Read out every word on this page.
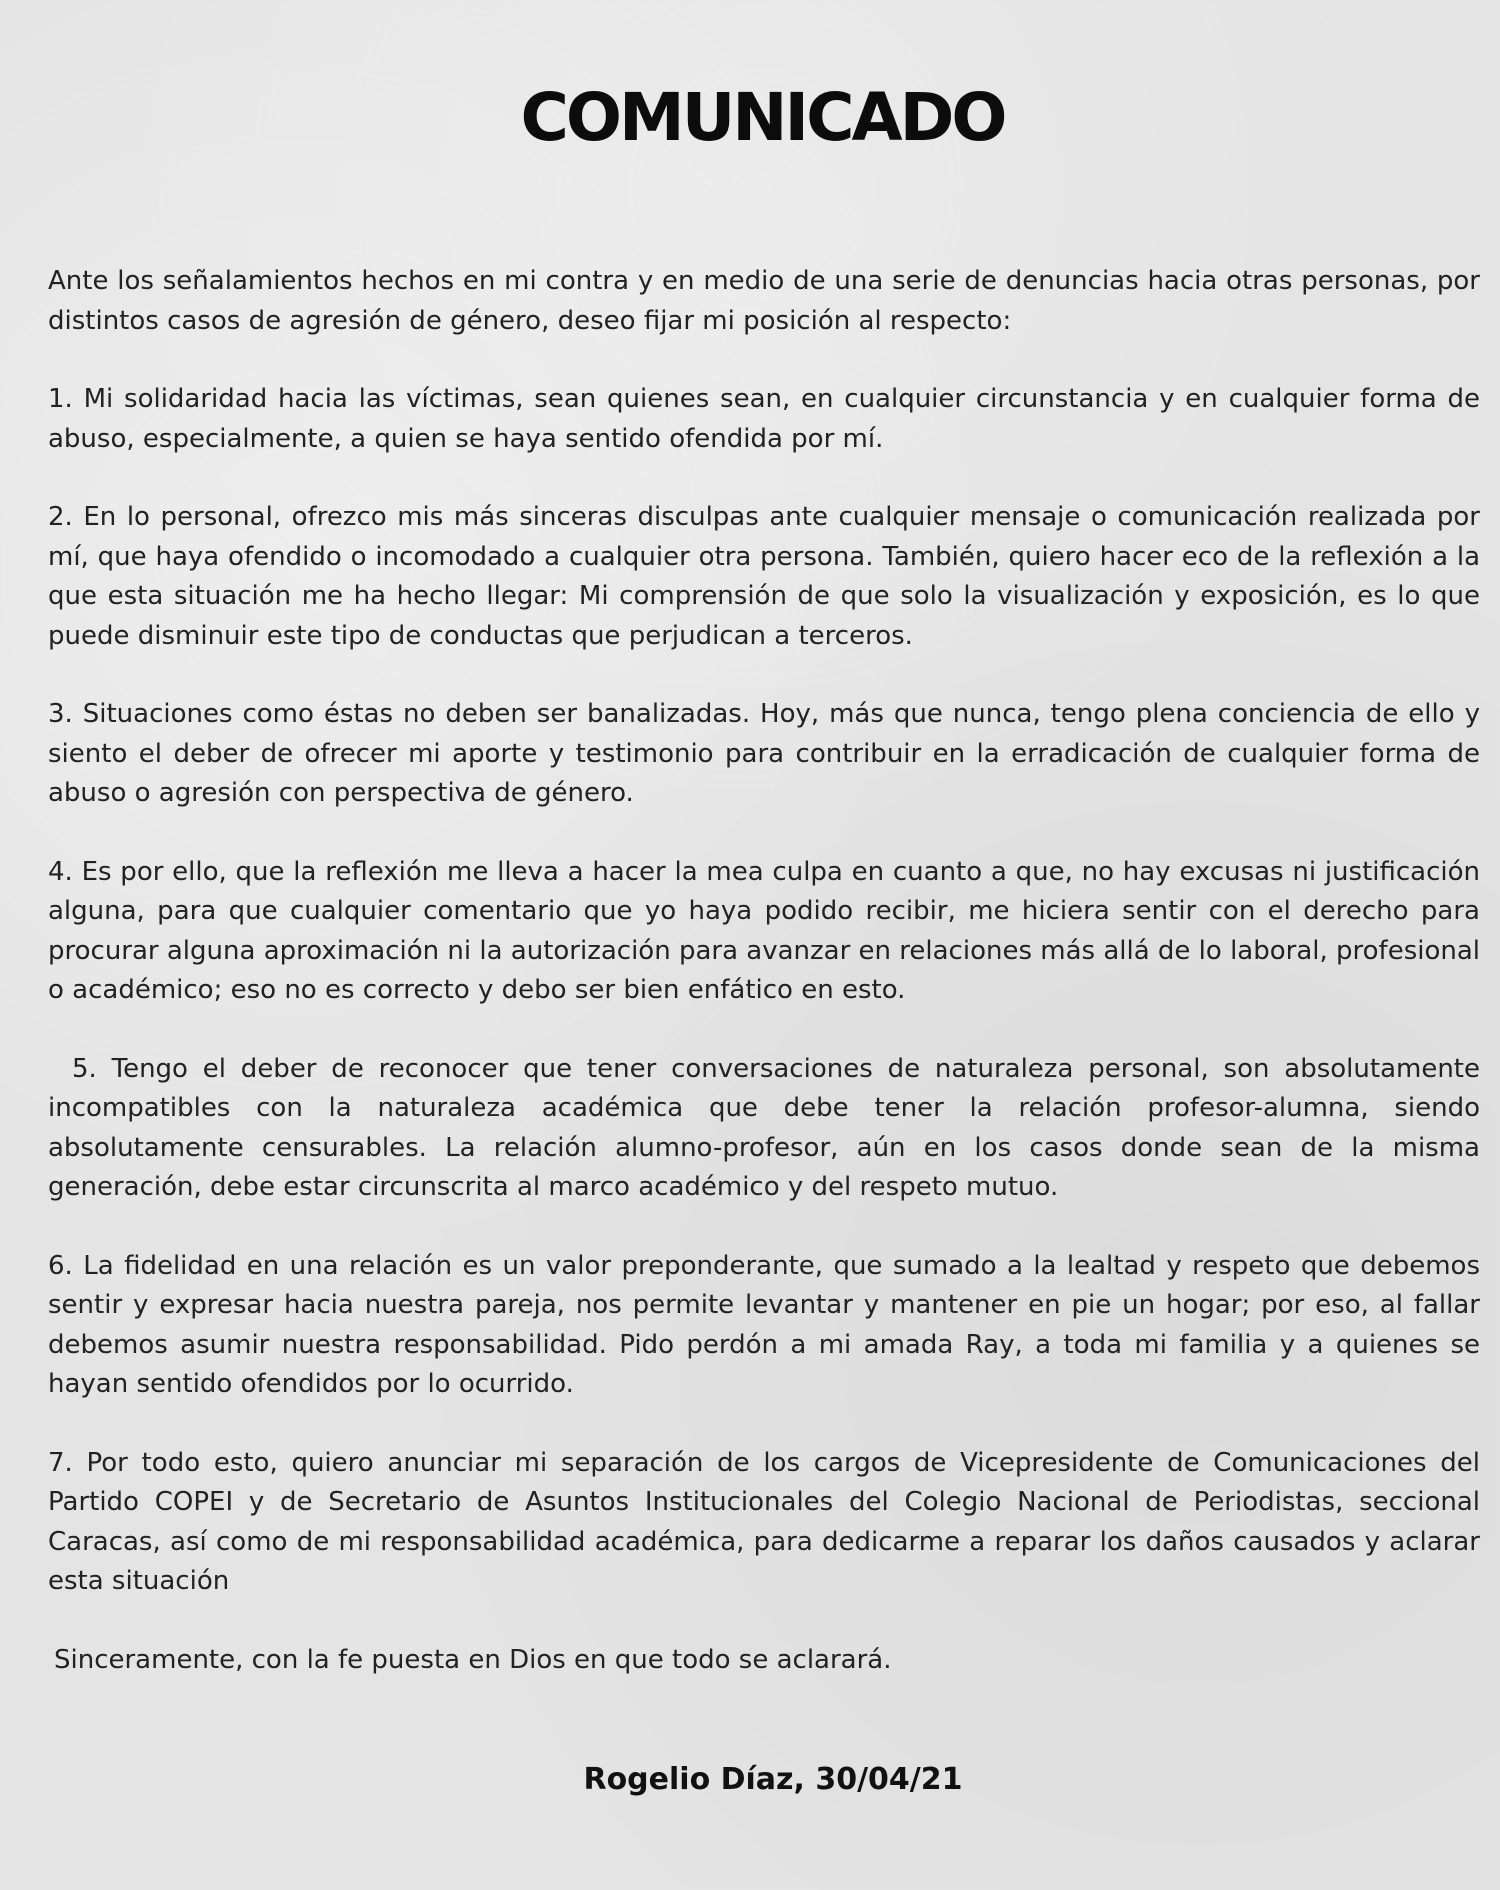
COMUNICADO

Ante los señalamientos hechos en mi contra y en medio de una serie de denuncias hacia otras personas, por distintos casos de agresión de género, deseo fijar mi posición al respecto:

1. Mi solidaridad hacia las víctimas, sean quienes sean, en cualquier circunstancia y en cualquier forma de abuso, especialmente, a quien se haya sentido ofendida por mí.

2. En lo personal, ofrezco mis más sinceras disculpas ante cualquier mensaje o comunicación realizada por mí, que haya ofendido o incomodado a cualquier otra persona. También, quiero hacer eco de la reflexión a la que esta situación me ha hecho llegar: Mi comprensión de que solo la visualización y exposición, es lo que puede disminuir este tipo de conductas que perjudican a terceros.

3. Situaciones como éstas no deben ser banalizadas. Hoy, más que nunca, tengo plena conciencia de ello y siento el deber de ofrecer mi aporte y testimonio para contribuir en la erradicación de cualquier forma de abuso o agresión con perspectiva de género.

4. Es por ello, que la reflexión me lleva a hacer la mea culpa en cuanto a que, no hay excusas ni justificación alguna, para que cualquier comentario que yo haya podido recibir, me hiciera sentir con el derecho para procurar alguna aproximación ni la autorización para avanzar en relaciones más allá de lo laboral, profesional o académico; eso no es correcto y debo ser bien enfático en esto.

5. Tengo el deber de reconocer que tener conversaciones de naturaleza personal, son absolutamente incompatibles con la naturaleza académica que debe tener la relación profesor-alumna, siendo absolutamente censurables. La relación alumno-profesor, aún en los casos donde sean de la misma generación, debe estar circunscrita al marco académico y del respeto mutuo.

6. La fidelidad en una relación es un valor preponderante, que sumado a la lealtad y respeto que debemos sentir y expresar hacia nuestra pareja, nos permite levantar y mantener en pie un hogar; por eso, al fallar debemos asumir nuestra responsabilidad. Pido perdón a mi amada Ray, a toda mi familia y a quienes se hayan sentido ofendidos por lo ocurrido.

7. Por todo esto, quiero anunciar mi separación de los cargos de Vicepresidente de Comunicaciones del Partido COPEI y de Secretario de Asuntos Institucionales del Colegio Nacional de Periodistas, seccional Caracas, así como de mi responsabilidad académica, para dedicarme a reparar los daños causados y aclarar esta situación

Sinceramente, con la fe puesta en Dios en que todo se aclarará.

Rogelio Díaz, 30/04/21
